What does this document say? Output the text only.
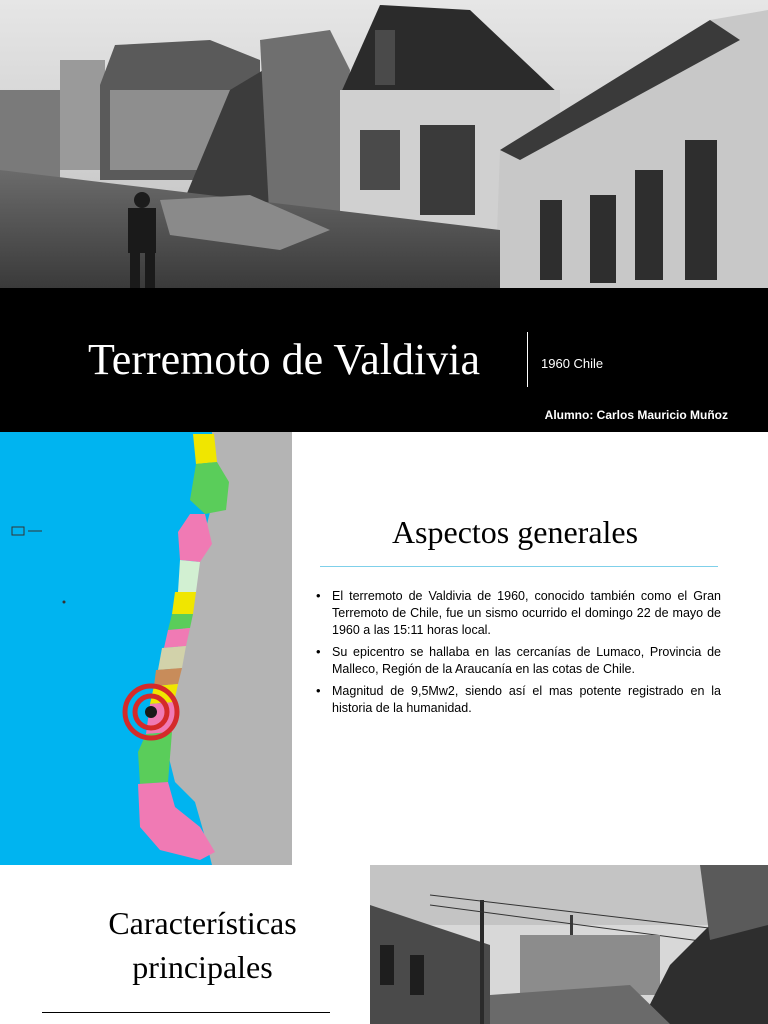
Terremoto de Valdivia	1960 Chile
Alumno: Carlos Mauricio Muñoz
Aspectos generales
• El terremoto de Valdivia de 1960, conocido también como el Gran Terremoto de Chile, fue un sismo ocurrido el domingo 22 de mayo de 1960 a las 15:11 horas local.
• Su epicentro se hallaba en las cercanías de Lumaco, Provincia de Malleco, Región de la Araucanía en las cotas de Chile.
• Magnitud de 9,5Mw2, siendo así el mas potente registrado en la historia de la humanidad.
Características
principales
